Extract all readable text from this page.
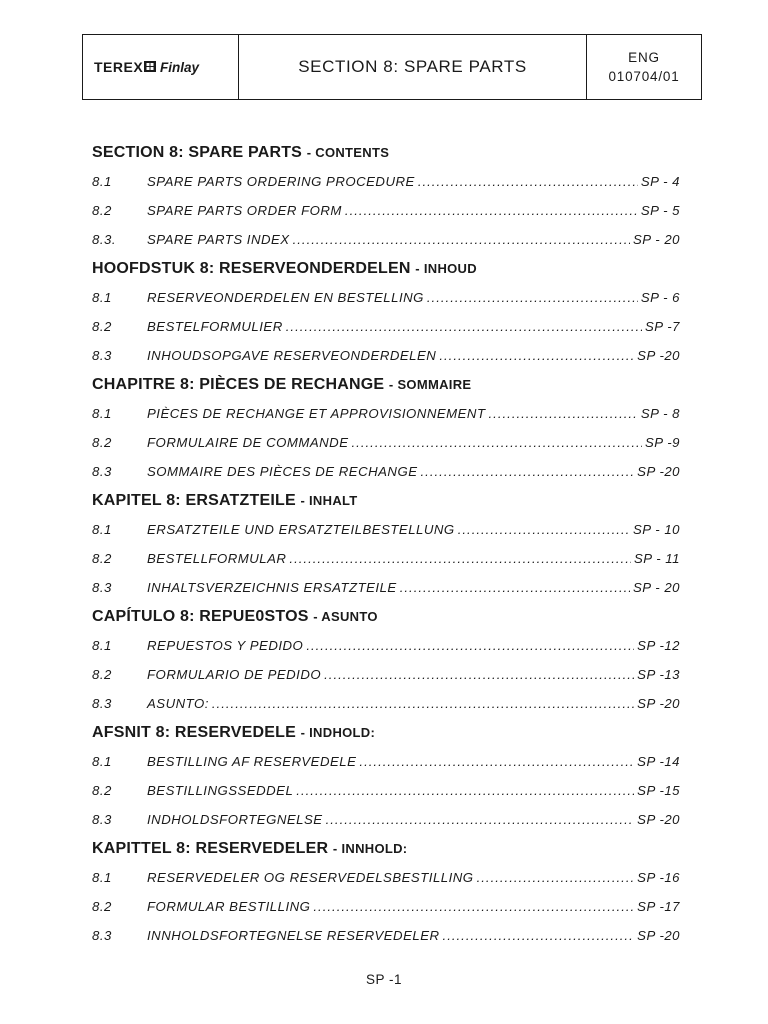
TEREX Finlay	SECTION 8: SPARE PARTS	ENG
010704/01
SECTION 8: SPARE PARTS - CONTENTS
8.1	SPARE PARTS ORDERING PROCEDURE .....	SP - 4
8.2	SPARE PARTS ORDER FORM .....	SP - 5
8.3.	SPARE PARTS INDEX .....	SP - 20
HOOFDSTUK 8: RESERVEONDERDELEN - INHOUD
8.1	RESERVEONDERDELEN EN BESTELLING .....	SP - 6
8.2	BESTELFORMULIER .....	SP -7
8.3	INHOUDSOPGAVE RESERVEONDERDELEN .....	SP -20
CHAPITRE 8: PIÈCES DE RECHANGE - SOMMAIRE
8.1	PIÈCES DE RECHANGE ET APPROVISIONNEMENT .....	SP - 8
8.2	FORMULAIRE DE COMMANDE .....	SP -9
8.3	SOMMAIRE DES PIÈCES DE RECHANGE .....	SP -20
KAPITEL 8: ERSATZTEILE - INHALT
8.1	ERSATZTEILE UND ERSATZTEILBESTELLUNG .....	SP - 10
8.2	BESTELLFORMULAR .....	SP - 11
8.3	INHALTSVERZEICHNIS ERSATZTEILE .....	SP - 20
CAPÍTULO 8: REPUE0STOS - ASUNTO
8.1	REPUESTOS Y PEDIDO .....	SP -12
8.2	FORMULARIO DE PEDIDO .....	SP -13
8.3	ASUNTO: .....	SP -20
AFSNIT 8: RESERVEDELE - INDHOLD:
8.1	BESTILLING AF RESERVEDELE .....	SP -14
8.2	BESTILLINGSSEDDEL .....	SP -15
8.3	INDHOLDSFORTEGNELSE .....	SP -20
KAPITTEL 8: RESERVEDELER - INNHOLD:
8.1	RESERVEDELER OG RESERVEDELSBESTILLING .....	SP -16
8.2	FORMULAR BESTILLING .....	SP -17
8.3	INNHOLDSFORTEGNELSE RESERVEDELER .....	SP -20
SP -1
